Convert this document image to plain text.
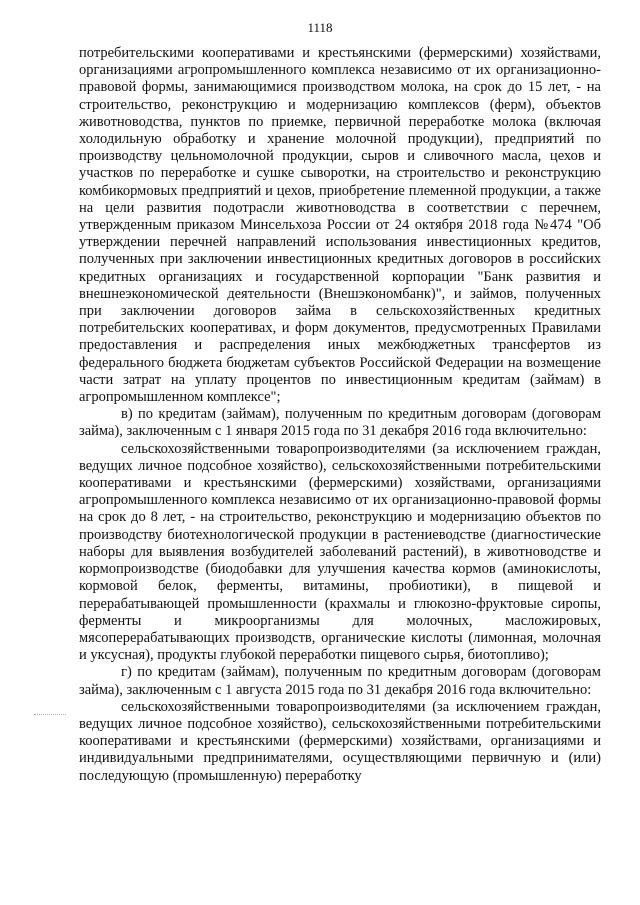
1118

потребительскими кооперативами и крестьянскими (фермерскими) хозяйствами, организациями агропромышленного комплекса независимо от их организационно-правовой формы, занимающимися производством молока, на срок до 15 лет, - на строительство, реконструкцию и модернизацию комплексов (ферм), объектов животноводства, пунктов по приемке, первичной переработке молока (включая холодильную обработку и хранение молочной продукции), предприятий по производству цельномолочной продукции, сыров и сливочного масла, цехов и участков по переработке и сушке сыворотки, на строительство и реконструкцию комбикормовых предприятий и цехов, приобретение племенной продукции, а также на цели развития подотрасли животноводства в соответствии с перечнем, утвержденным приказом Минсельхоза России от 24 октября 2018 года №474 "Об утверждении перечней направлений использования инвестиционных кредитов, полученных при заключении инвестиционных кредитных договоров в российских кредитных организациях и государственной корпорации "Банк развития и внешнеэкономической деятельности (Внешэкономбанк)", и займов, полученных при заключении договоров займа в сельскохозяйственных кредитных потребительских кооперативах, и форм документов, предусмотренных Правилами предоставления и распределения иных межбюджетных трансфертов из федерального бюджета бюджетам субъектов Российской Федерации на возмещение части затрат на уплату процентов по инвестиционным кредитам (займам) в агропромышленном комплексе";

в) по кредитам (займам), полученным по кредитным договорам (договорам займа), заключенным с 1 января 2015 года по 31 декабря 2016 года включительно:

сельскохозяйственными товаропроизводителями (за исключением граждан, ведущих личное подсобное хозяйство), сельскохозяйственными потребительскими кооперативами и крестьянскими (фермерскими) хозяйствами, организациями агропромышленного комплекса независимо от их организационно-правовой формы на срок до 8 лет, - на строительство, реконструкцию и модернизацию объектов по производству биотехнологической продукции в растениеводстве (диагностические наборы для выявления возбудителей заболеваний растений), в животноводстве и кормопроизводстве (биодобавки для улучшения качества кормов (аминокислоты, кормовой белок, ферменты, витамины, пробиотики), в пищевой и перерабатывающей промышленности (крахмалы и глюкозно-фруктовые сиропы, ферменты и микроорганизмы для молочных, масложировых, мясоперерабатывающих производств, органические кислоты (лимонная, молочная и уксусная), продукты глубокой переработки пищевого сырья, биотопливо);

г) по кредитам (займам), полученным по кредитным договорам (договорам займа), заключенным с 1 августа 2015 года по 31 декабря 2016 года включительно:

сельскохозяйственными товаропроизводителями (за исключением граждан, ведущих личное подсобное хозяйство), сельскохозяйственными потребительскими кооперативами и крестьянскими (фермерскими) хозяйствами, организациями и индивидуальными предпринимателями, осуществляющими первичную и (или) последующую (промышленную) переработку
